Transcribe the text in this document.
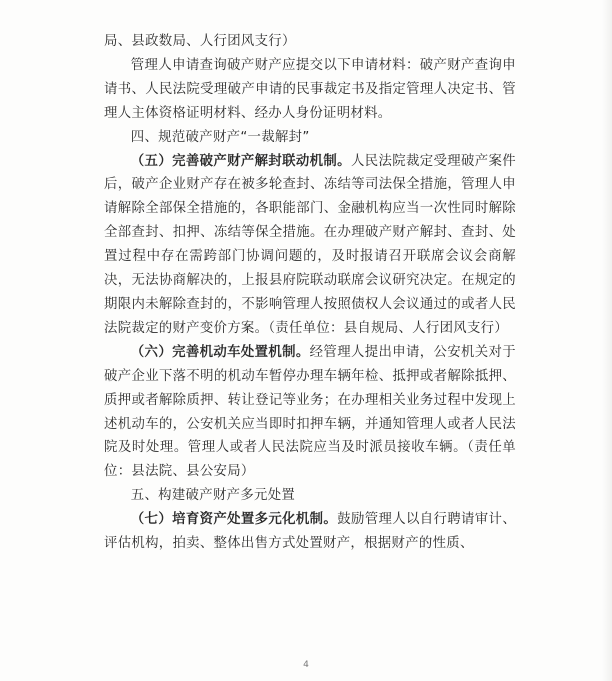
局、县政数局、人行团风支行）

管理人申请查询破产财产应提交以下申请材料：破产财产查询申请书、人民法院受理破产申请的民事裁定书及指定管理人决定书、管理人主体资格证明材料、经办人身份证明材料。

四、规范破产财产“一裁解封”

（五）完善破产财产解封联动机制。人民法院裁定受理破产案件后，破产企业财产存在被多轮查封、冻结等司法保全措施，管理人申请解除全部保全措施的，各职能部门、金融机构应当一次性同时解除全部查封、扣押、冻结等保全措施。在办理破产财产解封、查封、处置过程中存在需跨部门协调问题的，及时报请召开联席会议会商解决，无法协商解决的，上报县府院联动联席会议研究决定。在规定的期限内未解除查封的，不影响管理人按照债权人会议通过的或者人民法院裁定的财产变价方案。（责任单位：县自规局、人行团风支行）

（六）完善机动车处置机制。经管理人提出申请，公安机关对于破产企业下落不明的机动车暂停办理车辆年检、抵押或者解除抵押、质押或者解除质押、转让登记等业务；在办理相关业务过程中发现上述机动车的，公安机关应当即时扣押车辆，并通知管理人或者人民法院及时处理。管理人或者人民法院应当及时派员接收车辆。（责任单位：县法院、县公安局）

五、构建破产财产多元处置

（七）培育资产处置多元化机制。鼓励管理人以自行聘请审计、评估机构，拍卖、整体出售方式处置财产，根据财产的性质、

4
